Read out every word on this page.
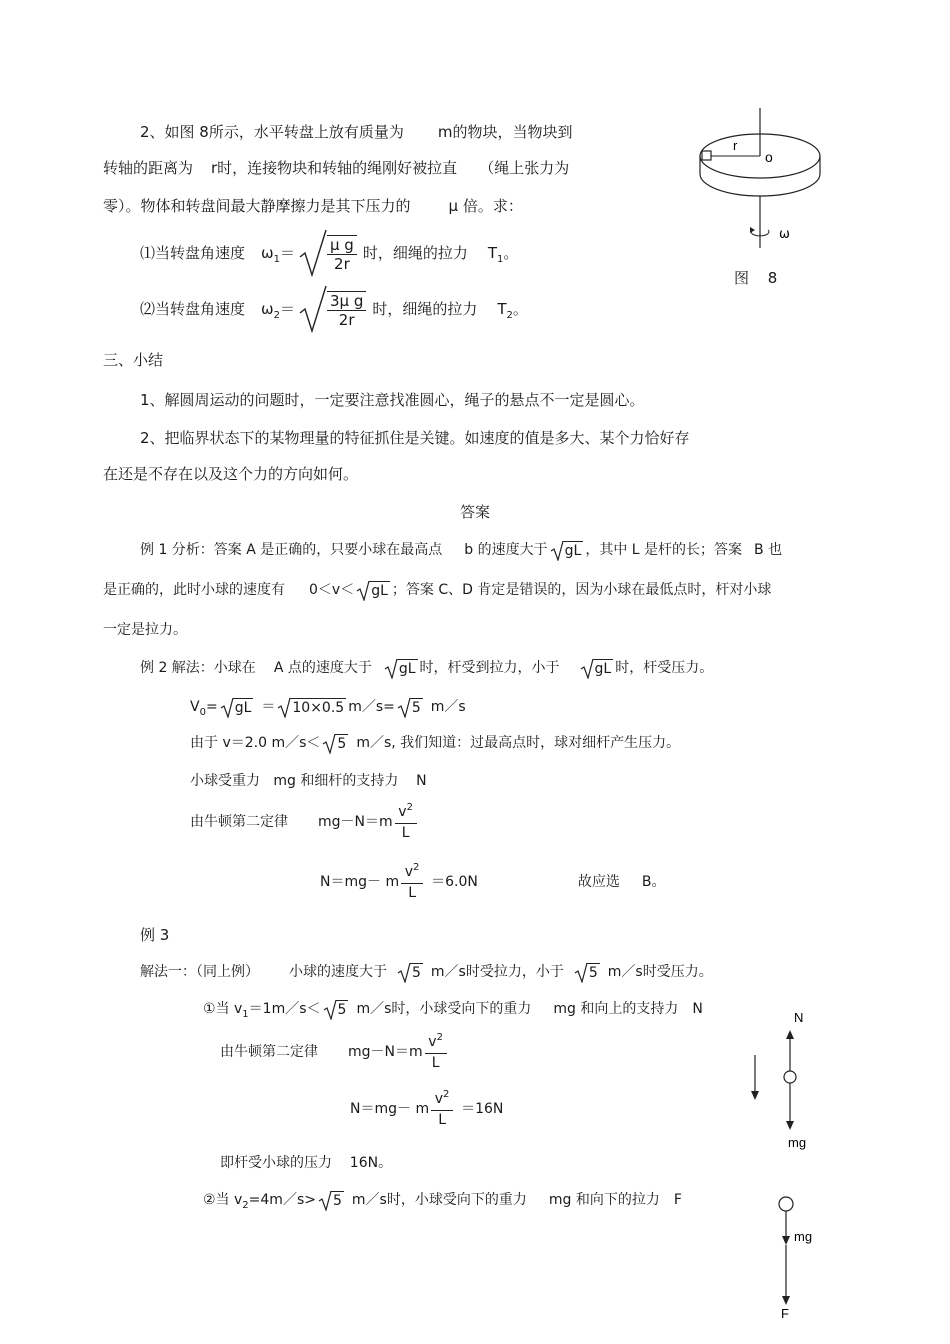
2、如图 8所示，水平转盘上放有质量为 m的物块，当物块到
转轴的距离为 r时，连接物块和转轴的绳刚好被拉直 （绳上张力为
零）。物体和转盘间最大静摩擦力是其下压力的	μ 倍。求：
⑴当转盘角速度 $\omega_1= \frac{\text{μ g}}{2r}$ 时，细绳的拉力 $T_1$。
⑵当转盘角速度 $\omega_2= \frac{\text{3μ g}}{2r}$ 时，细绳的拉力 $T_2$。
r
o
ω
图 8
三、小结
1、解圆周运动的问题时，一定要注意找准圆心，绳子的悬点不一定是圆心。
2、把临界状态下的某物理量的特征抓住是关键。如速度的值是多大、某个力恰好存
在还是不存在以及这个力的方向如何。
答案
例 1 分析：答案 A 是正确的，只要小球在最高点 b 的速度大于 gL ，其中 L 是杆的长；答案 B 也
是正确的，此时小球的速度有 0＜v＜ gL ；答案 C、D 肯定是错误的，因为小球在最低点时，杆对小球
一定是拉力。
例 2 解法：小球在 A 点的速度大于 gL 时，杆受到拉力，小于	gL 时，杆受压力。
$V_0=$ gL ＝ 10×0.5 m／s= 5 m／s
由于 v＝2.0 m／s＜ 5 m／s, 我们知道：过最高点时，球对细杆产生压力。
小球受重力   mg 和细杆的支持力    N
由牛顿第二定律 $mg-N=m \frac{v^2}{L}$
N＝mg－ m $\frac{v^2}{L} =6.0N$	故应选 B。
例 3
解法一：（同上例） 小球的速度大于 5 m／s时受拉力，小于 5 m／s时受压力。
①当 $v_1=1m/s< 5$ m／s时，小球受向下的重力 mg 和向上的支持力 N
由牛顿第二定律 $mg-N=m \frac{v^2}{L}$
N＝mg－ m $\frac{v^2}{L} =16N$
即杆受小球的压力    16N。
②当 $v_2=4m/s> 5$ m／s时，小球受向下的重力 mg 和向下的拉力 F
N
mg
mg
F
